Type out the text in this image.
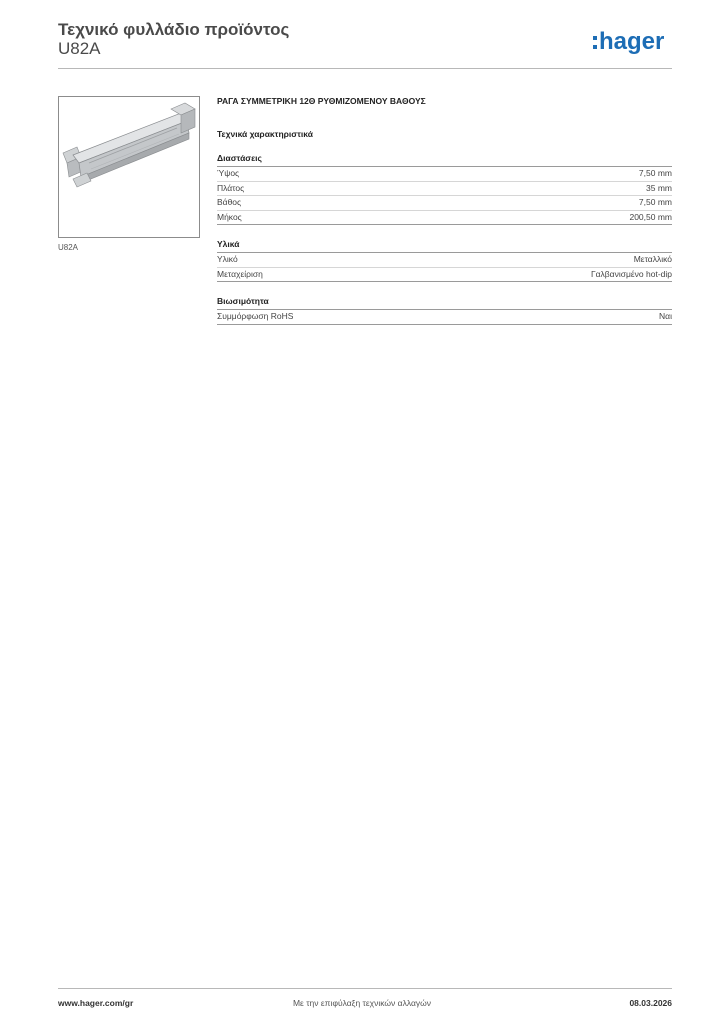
Τεχνικό φυλλάδιο προϊόντος
U82A	hager
U82A

ΡΑΓΑ ΣΥΜΜΕΤΡΙΚΗ 12Θ ΡΥΘΜΙΖΟΜΕΝΟΥ ΒΑΘΟΥΣ

Τεχνικά χαρακτηριστικά
Διαστάσεις
Ύψος	7,50 mm
Πλάτος	35 mm
Βάθος	7,50 mm
Μήκος	200,50 mm
Υλικά
Υλικό	Μεταλλικό
Μεταχείριση	Γαλβανισμένο hot-dip
Βιωσιμότητα
Συμμόρφωση RoHS	Ναι
www.hager.com/gr	Με την επιφύλαξη τεχνικών αλλαγών	08.03.2026
